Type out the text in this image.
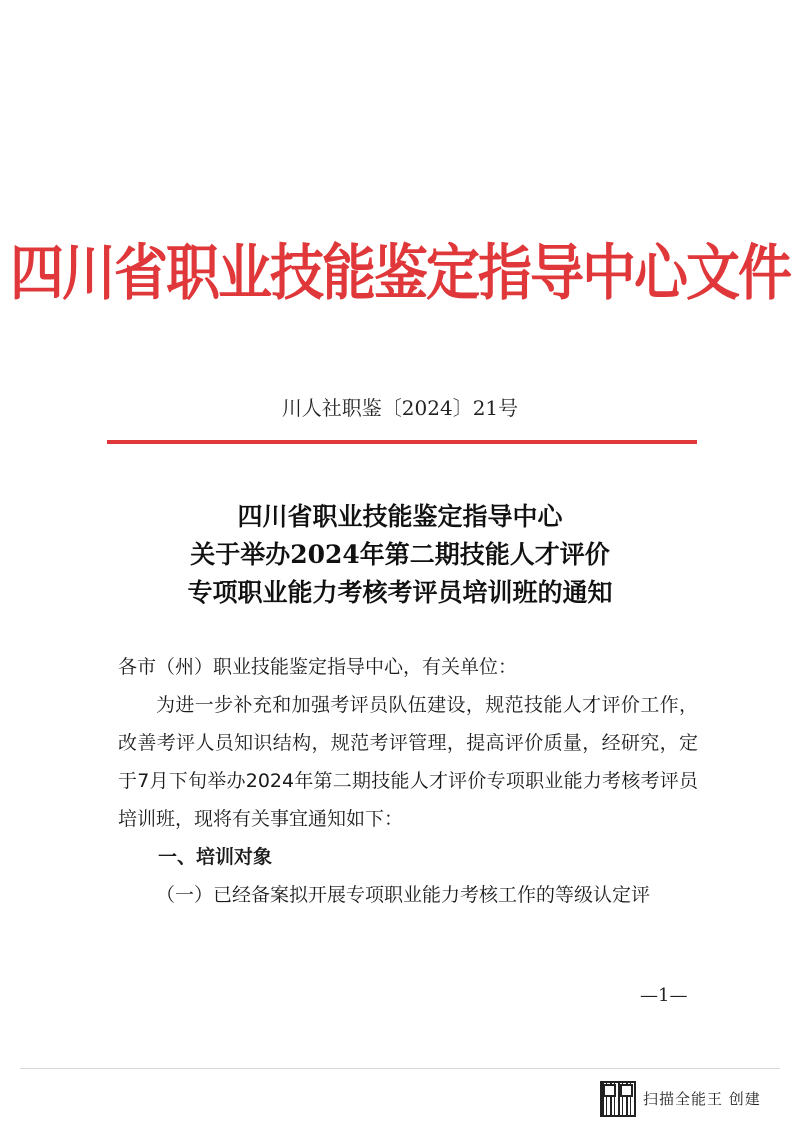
四川省职业技能鉴定指导中心文件
川人社职鉴〔2024〕21号
四川省职业技能鉴定指导中心
关于举办2024年第二期技能人才评价
专项职业能力考核考评员培训班的通知

各市（州）职业技能鉴定指导中心，有关单位：

为进一步补充和加强考评员队伍建设，规范技能人才评价工作，改善考评人员知识结构，规范考评管理，提高评价质量，经研究，定于7月下旬举办2024年第二期技能人才评价专项职业能力考核考评员培训班，现将有关事宜通知如下：

一、培训对象

（一）已经备案拟开展专项职业能力考核工作的等级认定评

—1—
扫描全能王 创建
